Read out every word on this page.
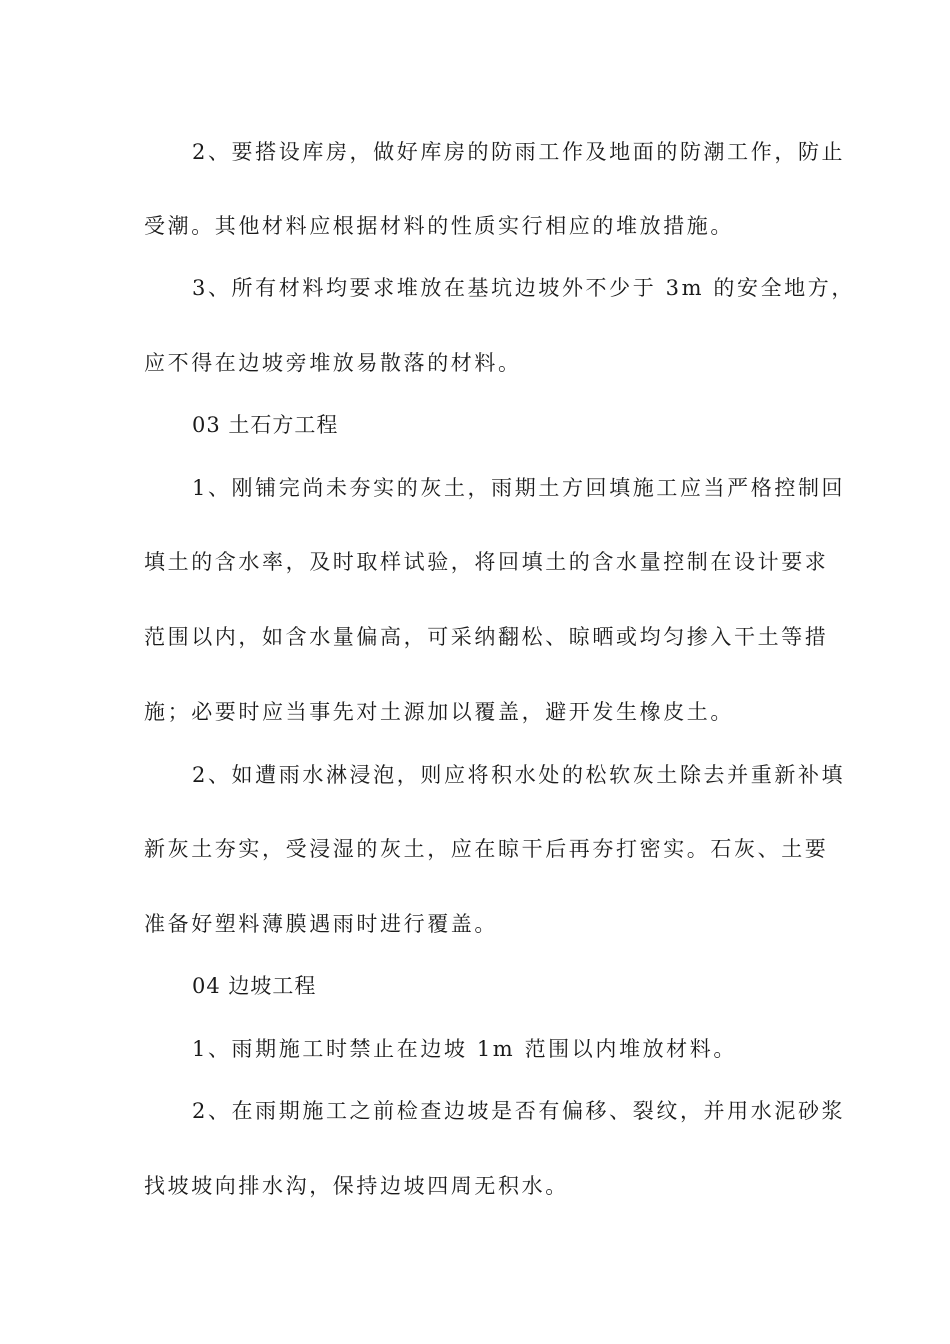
2、要搭设库房，做好库房的防雨工作及地面的防潮工作，防止
受潮。其他材料应根据材料的性质实行相应的堆放措施。
3、所有材料均要求堆放在基坑边坡外不少于 3m 的安全地方，
应不得在边坡旁堆放易散落的材料。
03 土石方工程
1、刚铺完尚未夯实的灰土，雨期土方回填施工应当严格控制回
填土的含水率，及时取样试验，将回填土的含水量控制在设计要求
范围以内，如含水量偏高，可采纳翻松、晾晒或均匀掺入干土等措
施；必要时应当事先对土源加以覆盖，避开发生橡皮土。
2、如遭雨水淋浸泡，则应将积水处的松软灰土除去并重新补填
新灰土夯实，受浸湿的灰土，应在晾干后再夯打密实。石灰、土要
准备好塑料薄膜遇雨时进行覆盖。
04 边坡工程
1、雨期施工时禁止在边坡 1m 范围以内堆放材料。
2、在雨期施工之前检查边坡是否有偏移、裂纹，并用水泥砂浆
找坡坡向排水沟，保持边坡四周无积水。
